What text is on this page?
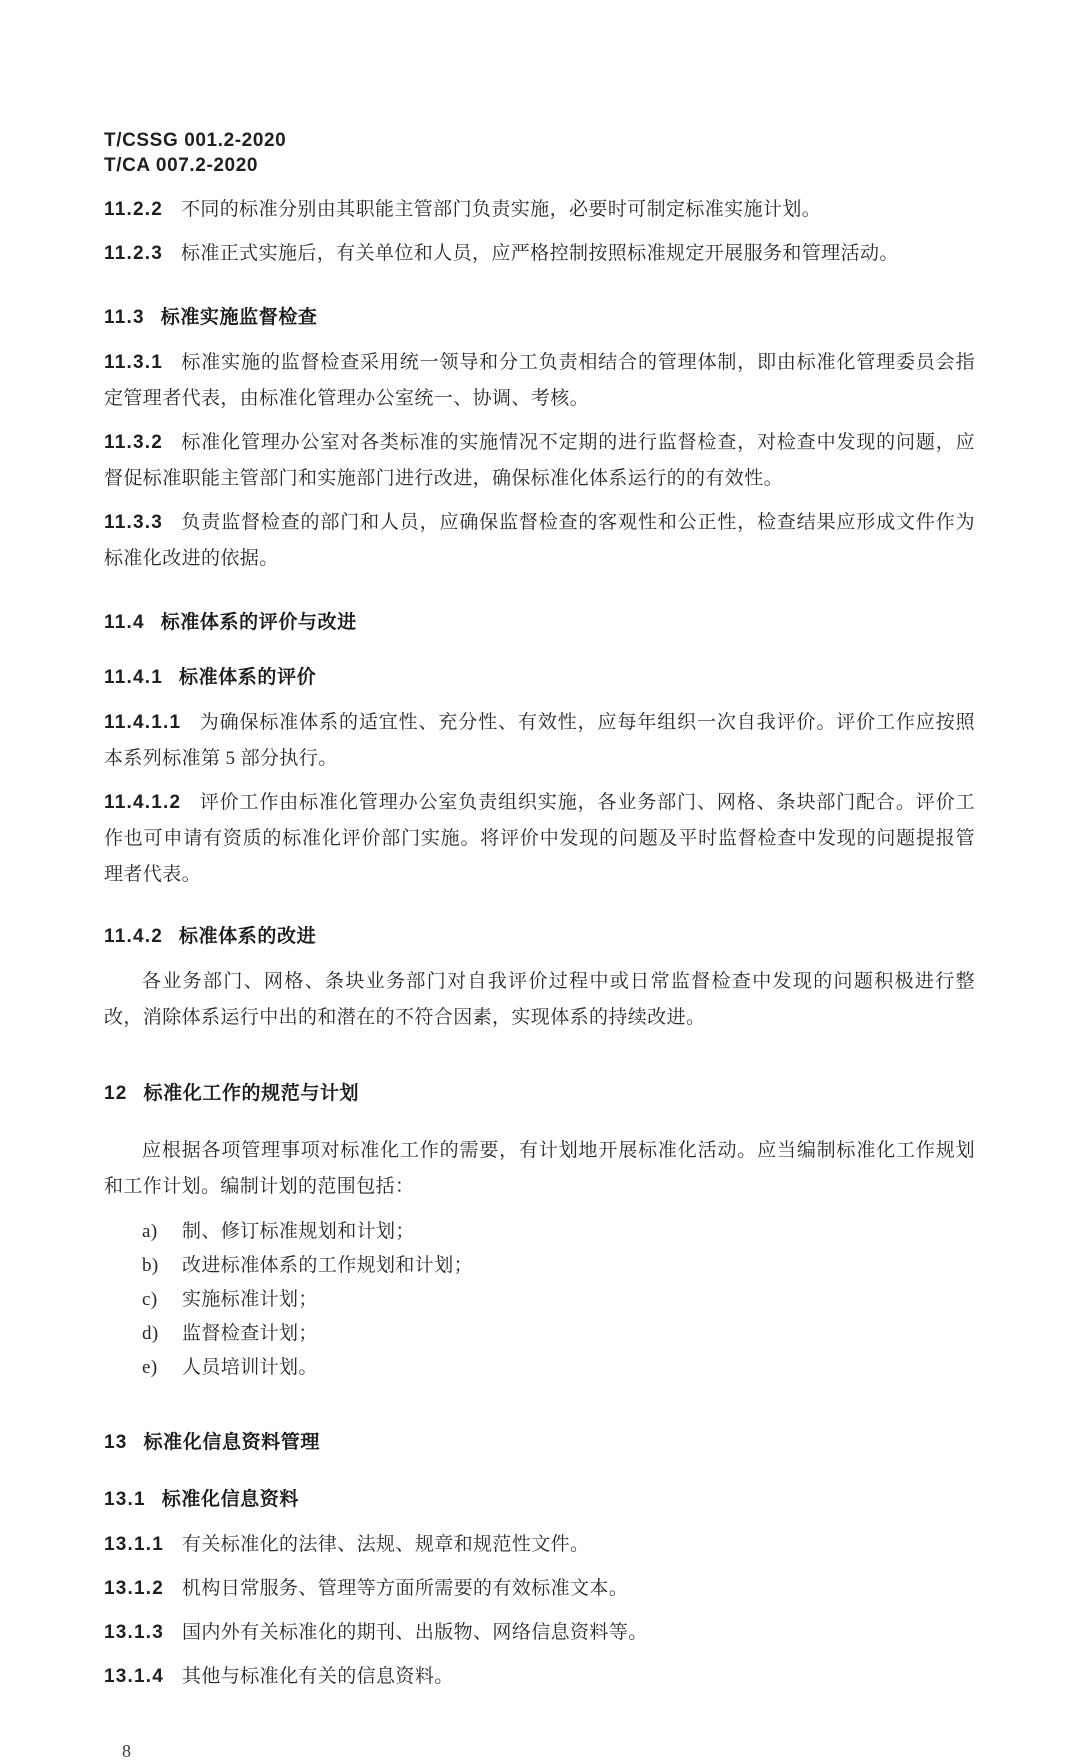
T/CSSG 001.2-2020
T/CA 007.2-2020

11.2.2 不同的标准分别由其职能主管部门负责实施，必要时可制定标准实施计划。

11.2.3 标准正式实施后，有关单位和人员，应严格控制按照标准规定开展服务和管理活动。

11.3 标准实施监督检查

11.3.1 标准实施的监督检查采用统一领导和分工负责相结合的管理体制，即由标准化管理委员会指定管理者代表，由标准化管理办公室统一、协调、考核。

11.3.2 标准化管理办公室对各类标准的实施情况不定期的进行监督检查，对检查中发现的问题，应督促标准职能主管部门和实施部门进行改进，确保标准化体系运行的的有效性。

11.3.3 负责监督检查的部门和人员，应确保监督检查的客观性和公正性，检查结果应形成文件作为标准化改进的依据。

11.4 标准体系的评价与改进
11.4.1 标准体系的评价

11.4.1.1 为确保标准体系的适宜性、充分性、有效性，应每年组织一次自我评价。评价工作应按照本系列标准第 5 部分执行。

11.4.1.2 评价工作由标准化管理办公室负责组织实施，各业务部门、网格、条块部门配合。评价工作也可申请有资质的标准化评价部门实施。将评价中发现的问题及平时监督检查中发现的问题提报管理者代表。

11.4.2 标准体系的改进

各业务部门、网格、条块业务部门对自我评价过程中或日常监督检查中发现的问题积极进行整改，消除体系运行中出的和潜在的不符合因素，实现体系的持续改进。

12 标准化工作的规范与计划

应根据各项管理事项对标准化工作的需要，有计划地开展标准化活动。应当编制标准化工作规划和工作计划。编制计划的范围包括：

a) 制、修订标准规划和计划；

b) 改进标准体系的工作规划和计划；

c) 实施标准计划；

d) 监督检查计划；

e) 人员培训计划。

13 标准化信息资料管理
13.1 标准化信息资料

13.1.1 有关标准化的法律、法规、规章和规范性文件。

13.1.2 机构日常服务、管理等方面所需要的有效标准文本。

13.1.3 国内外有关标准化的期刊、出版物、网络信息资料等。

13.1.4 其他与标准化有关的信息资料。

8
